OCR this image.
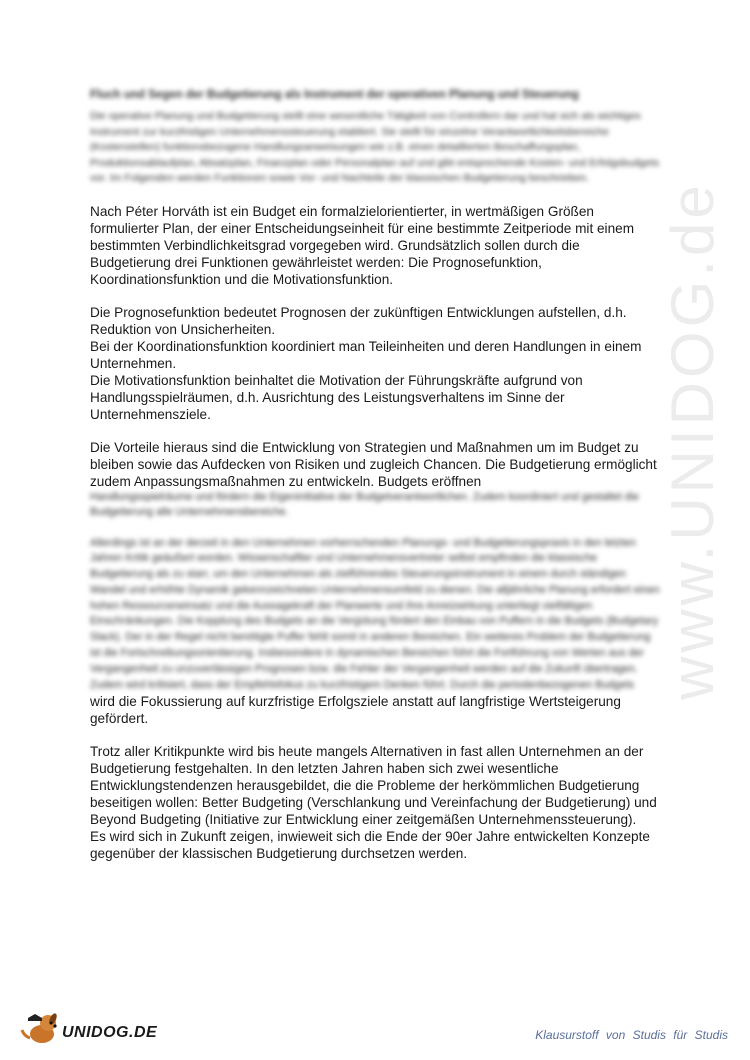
www.UNIDOG.de
Fluch und Segen der Budgetierung als Instrument der operativen Planung und Steuerung
Die operative Planung und Budgetierung stellt eine wesentliche Tätigkeit von Controllern dar und hat sich als wichtiges Instrument zur kurzfristigen Unternehmenssteuerung etabliert. Sie stellt für einzelne Verantwortlichkeitsbereiche (Kostenstellen) funktionsbezogene Handlungsanweisungen wie z.B. einen detaillierten Beschaffungsplan, Produktionsablaufplan, Absatzplan, Finanzplan oder Personalplan auf und gibt entsprechende Kosten- und Erfolgsbudgets vor. Im Folgenden werden Funktionen sowie Vor- und Nachteile der klassischen Budgetierung beschrieben.

Nach Péter Horváth ist ein Budget ein formalzielorientierter, in wertmäßigen Größen formulierter Plan, der einer Entscheidungseinheit für eine bestimmte Zeitperiode mit einem bestimmten Verbindlichkeitsgrad vorgegeben wird. Grundsätzlich sollen durch die Budgetierung drei Funktionen gewährleistet werden: Die Prognosefunktion, Koordinationsfunktion und die Motivationsfunktion.

Die Prognosefunktion bedeutet Prognosen der zukünftigen Entwicklungen aufstellen, d.h. Reduktion von Unsicherheiten.

Bei der Koordinationsfunktion koordiniert man Teileinheiten und deren Handlungen in einem Unternehmen.

Die Motivationsfunktion beinhaltet die Motivation der Führungskräfte aufgrund von Handlungsspielräumen, d.h. Ausrichtung des Leistungsverhaltens im Sinne der Unternehmensziele.

Die Vorteile hieraus sind die Entwicklung von Strategien und Maßnahmen um im Budget zu bleiben sowie das Aufdecken von Risiken und zugleich Chancen. Die Budgetierung ermöglicht zudem Anpassungsmaßnahmen zu entwickeln. Budgets eröffnen

Handlungsspielräume und fördern die Eigeninitiative der Budgetverantwortlichen. Zudem koordiniert und gestaltet die Budgetierung alle Unternehmensbereiche.
Allerdings ist an der derzeit in den Unternehmen vorherrschenden Planungs- und Budgetierungspraxis in den letzten Jahren Kritik geäußert worden. Wissenschaftler und Unternehmensvertreter selbst empfinden die klassische Budgetierung als zu starr, um den Unternehmen als zielführendes Steuerungsinstrument in einem durch ständigen Wandel und erhöhte Dynamik gekennzeichneten Unternehmensumfeld zu dienen. Die alljährliche Planung erfordert einen hohen Ressourceneinsatz und die Aussagekraft der Planwerte und ihre Anreizwirkung unterliegt vielfältigen Einschränkungen. Die Kopplung des Budgets an die Vergütung fördert den Einbau von Puffern in die Budgets (Budgetary Slack). Der in der Regel nicht benötigte Puffer fehlt somit in anderen Bereichen. Ein weiteres Problem der Budgetierung ist die Fortschreibungsorientierung. Insbesondere in dynamischen Bereichen führt die Fortführung von Werten aus der Vergangenheit zu unzuverlässigen Prognosen bzw. die Fehler der Vergangenheit werden auf die Zukunft übertragen. Zudem wird kritisiert, dass der Empfehlsfokus zu kurzfristigem Denken führt. Durch die periodenbezogenen Budgets

wird die Fokussierung auf kurzfristige Erfolgsziele anstatt auf langfristige Wertsteigerung gefördert.

Trotz aller Kritikpunkte wird bis heute mangels Alternativen in fast allen Unternehmen an der Budgetierung festgehalten. In den letzten Jahren haben sich zwei wesentliche Entwicklungstendenzen herausgebildet, die die Probleme der herkömmlichen Budgetierung beseitigen wollen: Better Budgeting (Verschlankung und Vereinfachung der Budgetierung) und Beyond Budgeting (Initiative zur Entwicklung einer zeitgemäßen Unternehmenssteuerung).

Es wird sich in Zukunft zeigen, inwieweit sich die Ende der 90er Jahre entwickelten Konzepte gegenüber der klassischen Budgetierung durchsetzen werden.

UNIDOG.DE	Klausurstoff von Studis für Studis
